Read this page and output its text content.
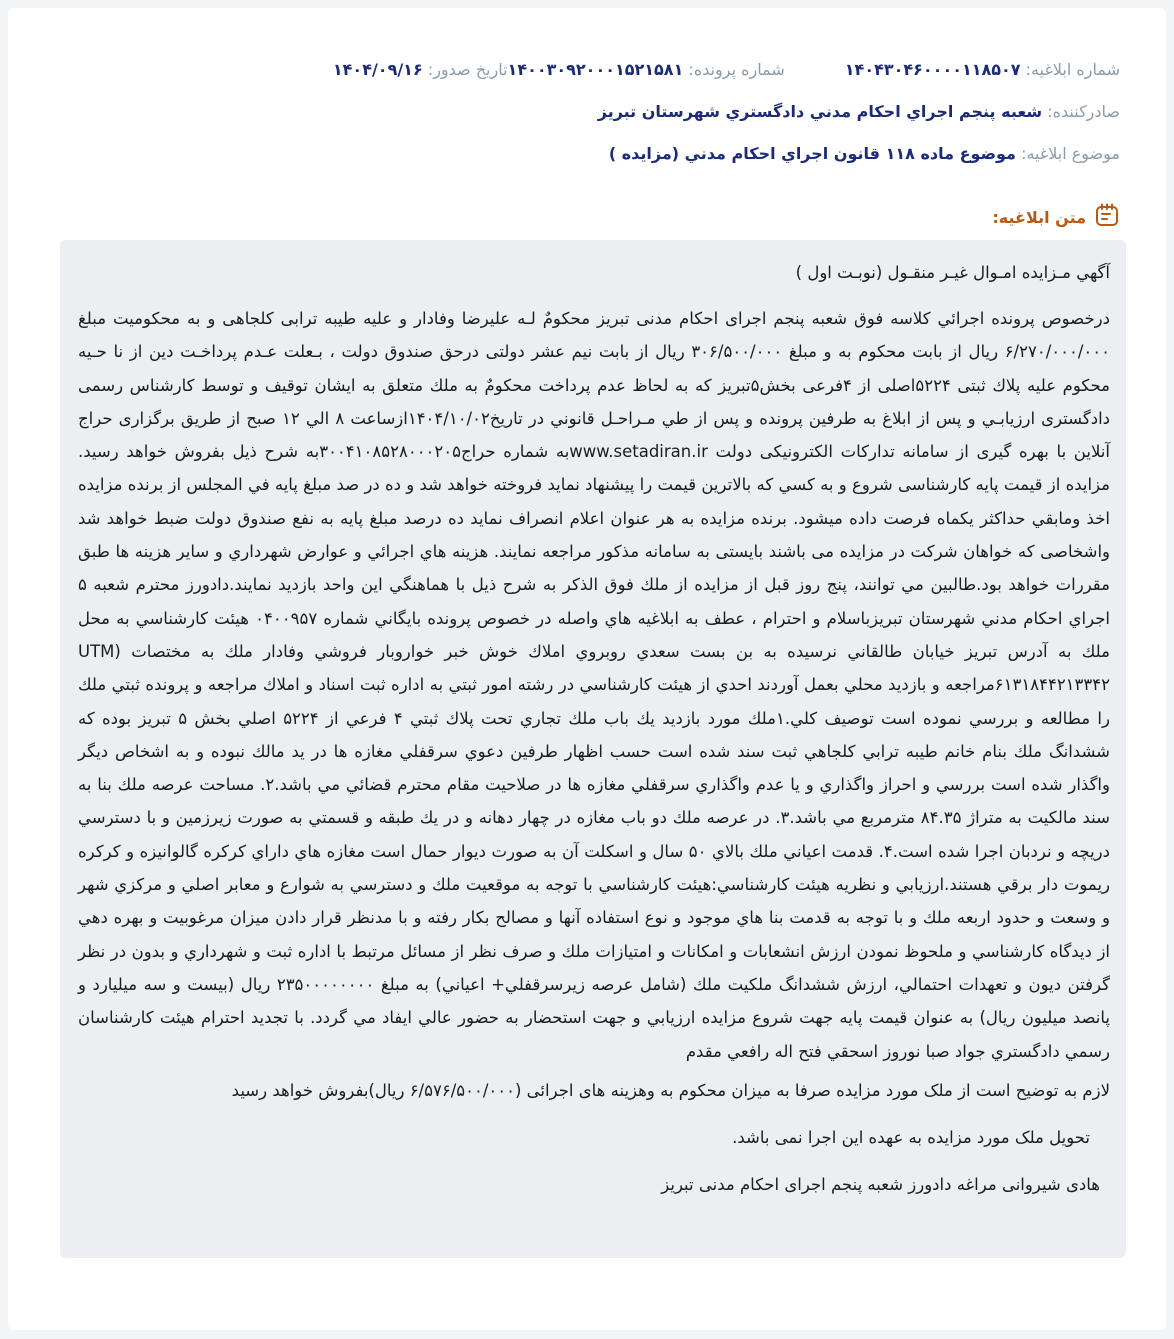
شماره ابلاغيه: ۱۴۰۴۳۰۴۶۰۰۰۰۱۱۸۵۰۷
شماره پرونده: ۱۴۰۰۳۰۹۲۰۰۰۱۵۲۱۵۸۱
تاريخ صدور: ۱۴۰۴/۰۹/۱۶
صادرکننده:

شعبه پنجم اجراي احکام مدني دادگستري شهرستان تبريز
موضوع ابلاغيه:

موضوع ماده ۱۱۸ قانون اجراي احكام مدني (مزايده )
متن ابلاغيه:

آگهي مـزايده امـوال غيـر منقـول (نوبـت اول )

درخصوص پرونده اجرائي كلاسه فوق شعبه پنجم اجراى احكام مدنى تبريز محكومٌ لـه عليرضا وفادار و عليه طيبه ترابى كلجاهى و به محكوميت مبلغ ۶/۲۷۰/۰۰۰/۰۰۰ ريال از بابت محكوم به و مبلغ ۳۰۶/۵۰۰/۰۰۰ ريال از بابت نيم عشر دولتى درحق صندوق دولت ، بـعلت عـدم پرداخـت دين از نا حـيه محكوم عليه پلاك ثبتى ۵۲۲۴اصلى از ۴فرعى بخش۵تبريز كه به لحاظ عدم پرداخت محكومٌ به ملك متعلق به ايشان توقيف و توسط كارشناس رسمى دادگسترى ارزيابـي و پس از ابلاغ به طرفين پرونده و پس از طي مـراحـل قانوني در تاريخ۱۴۰۴/۱۰/۰۲ازساعت ۸ الي ۱۲ صبح از طريق برگزارى حراج آنلاين با بهره گيرى از سامانه تداركات الكترونيكى دولت www.setadiran.irبه شماره حراج۳۰۰۴۱۰۸۵۲۸۰۰۰۲۰۵به شرح ذيل بفروش خواهد رسيد. مزايده از قيمت پايه كارشناسى شروع و به كسي كه بالاترين قيمت را پيشنهاد نمايد فروخته خواهد شد و ده در صد مبلغ پايه في المجلس از برنده مزايده اخذ ومابقي حداكثر يكماه فرصت داده ميشود. برنده مزايده به هر عنوان اعلام انصراف نمايد ده درصد مبلغ پايه به نفع صندوق دولت ضبط خواهد شد واشخاصى كه خواهان شركت در مزايده مى باشند بايستى به سامانه مذكور مراجعه نمايند. هزينه هاي اجرائي و عوارض شهرداري و ساير هزينه ها طبق مقررات خواهد بود.طالبين مي توانند، پنج روز قبل از مزايده از ملك فوق الذكر به شرح ذيل با هماهنگي اين واحد بازديد نمايند.دادورز محترم شعبه ۵ اجراي احكام مدني شهرستان تبريزباسلام و احترام ، عطف به ابلاغيه هاي واصله در خصوص پرونده بايگاني شماره ۰۴۰۰۹۵۷ هيئت كارشناسي به محل ملك به آدرس تبريز خيابان طالقاني نرسيده به بن بست سعدي روبروي املاك خوش خبر خواروبار فروشي وفادار ملك به مختصات UTM) ۶۱۳۱۸۴۴۲۱۳۳۴۲مراجعه و بازديد محلي بعمل آوردند احدي از هيئت كارشناسي در رشته امور ثبتي به اداره ثبت اسناد و املاك مراجعه و پرونده ثبتي ملك را مطالعه و بررسي نموده است توصيف كلي.۱ملك مورد بازديد يك باب ملك تجاري تحت پلاك ثبتي ۴ فرعي از ۵۲۲۴ اصلي بخش ۵ تبريز بوده كه ششدانگ ملك بنام خانم طيبه ترابي كلجاهي ثبت سند شده است حسب اظهار طرفين دعوي سرقفلي مغازه ها در يد مالك نبوده و به اشخاص ديگر واگذار شده است بررسي و احراز واگذاري و يا عدم واگذاري سرقفلي مغازه ها در صلاحيت مقام محترم قضائي مي باشد.۲. مساحت عرصه ملك بنا به سند مالكيت به متراژ ۸۴.۳۵ مترمربع مي باشد.۳. در عرصه ملك دو باب مغازه در چهار دهانه و در يك طبقه و قسمتي به صورت زيرزمين و با دسترسي دريچه و نردبان اجرا شده است.۴. قدمت اعياني ملك بالاي ۵۰ سال و اسكلت آن به صورت ديوار حمال است مغازه هاي داراي كركره گالوانيزه و كركره ريموت دار برقي هستند.ارزيابي و نظريه هيئت كارشناسي:هيئت كارشناسي با توجه به موقعيت ملك و دسترسي به شوارع و معابر اصلي و مركزي شهر و وسعت و حدود اربعه ملك و با توجه به قدمت بنا هاي موجود و نوع استفاده آنها و مصالح بكار رفته و با مدنظر قرار دادن ميزان مرغوبيت و بهره دهي از ديدگاه كارشناسي و ملحوظ نمودن ارزش انشعابات و امكانات و امتيازات ملك و صرف نظر از مسائل مرتبط با اداره ثبت و شهرداري و بدون در نظر گرفتن ديون و تعهدات احتمالي، ارزش ششدانگ ملكيت ملك (شامل عرصه زيرسرقفلي+ اعياني) به مبلغ ۲۳۵۰۰۰۰۰۰۰۰ ريال (بيست و سه ميليارد و پانصد ميليون ريال) به عنوان قيمت پايه جهت شروع مزايده ارزيابي و جهت استحضار به حضور عالي ايفاد مي گردد. با تجديد احترام هيئت كارشناسان رسمي دادگستري جواد صبا نوروز اسحقي فتح اله رافعي مقدم

لازم به توضيح است از ملک مورد مزايده صرفا به ميزان محکوم به وهزينه های اجرائی (۶/۵۷۶/۵۰۰/۰۰۰ ريال)بفروش خواهد رسيد

تحويل ملک مورد مزايده به عهده اين اجرا نمی باشد.

هادی شيروانی مراغه دادورز شعبه پنجم اجرای احکام مدنی تبريز
